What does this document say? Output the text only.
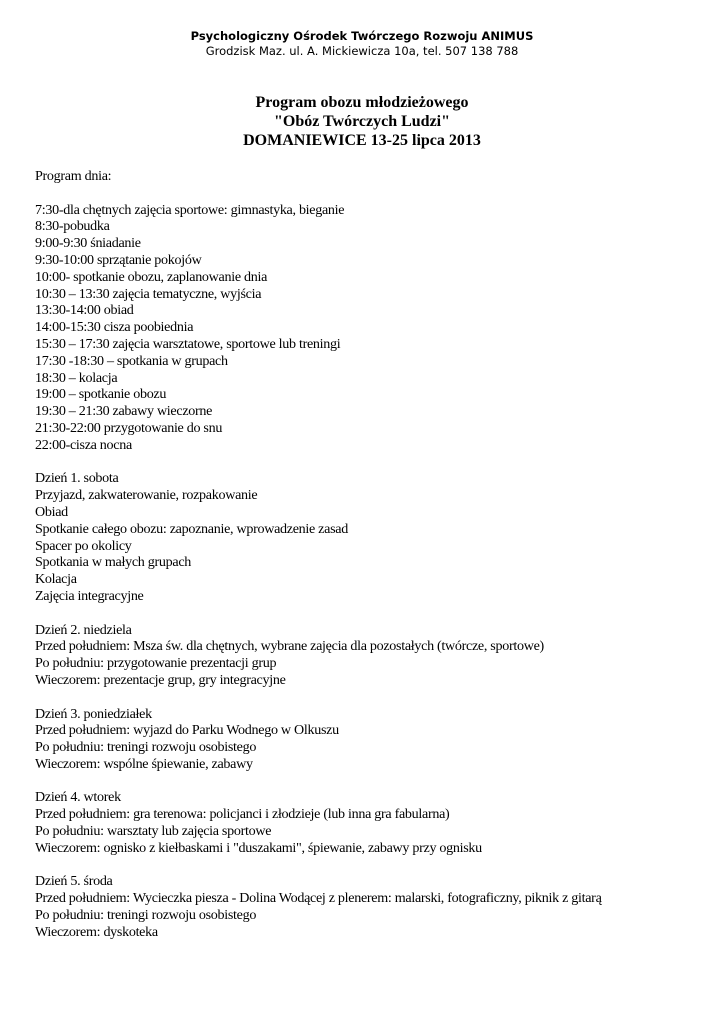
Psychologiczny Ośrodek Twórczego Rozwoju ANIMUS
Grodzisk Maz. ul. A. Mickiewicza 10a, tel. 507 138 788
Program obozu młodzieżowego
"Obóz Twórczych Ludzi"
DOMANIEWICE 13-25 lipca 2013
Program dnia:
7:30-dla chętnych zajęcia sportowe: gimnastyka, bieganie
8:30-pobudka
9:00-9:30 śniadanie
9:30-10:00 sprzątanie pokojów
10:00- spotkanie obozu, zaplanowanie dnia
10:30 – 13:30 zajęcia tematyczne, wyjścia
13:30-14:00 obiad
14:00-15:30 cisza poobiednia
15:30 – 17:30 zajęcia warsztatowe, sportowe lub treningi
17:30 -18:30 – spotkania w grupach
18:30 – kolacja
19:00 – spotkanie obozu
19:30 – 21:30 zabawy wieczorne
21:30-22:00 przygotowanie do snu
22:00-cisza nocna
Dzień 1. sobota
Przyjazd, zakwaterowanie, rozpakowanie
Obiad
Spotkanie całego obozu: zapoznanie, wprowadzenie zasad
Spacer po okolicy
Spotkania w małych grupach
Kolacja
Zajęcia integracyjne
Dzień 2. niedziela
Przed południem: Msza św. dla chętnych, wybrane zajęcia dla pozostałych (twórcze, sportowe)
Po południu: przygotowanie prezentacji grup
Wieczorem: prezentacje grup, gry integracyjne
Dzień 3. poniedziałek
Przed południem: wyjazd do Parku Wodnego w Olkuszu
Po południu: treningi rozwoju osobistego
Wieczorem: wspólne śpiewanie, zabawy
Dzień 4. wtorek
Przed południem: gra terenowa: policjanci i złodzieje (lub inna gra fabularna)
Po południu: warsztaty lub zajęcia sportowe
Wieczorem: ognisko z kiełbaskami i "duszakami", śpiewanie, zabawy przy ognisku
Dzień 5. środa
Przed południem: Wycieczka piesza - Dolina Wodącej z plenerem: malarski, fotograficzny, piknik z gitarą
Po południu: treningi rozwoju osobistego
Wieczorem: dyskoteka
